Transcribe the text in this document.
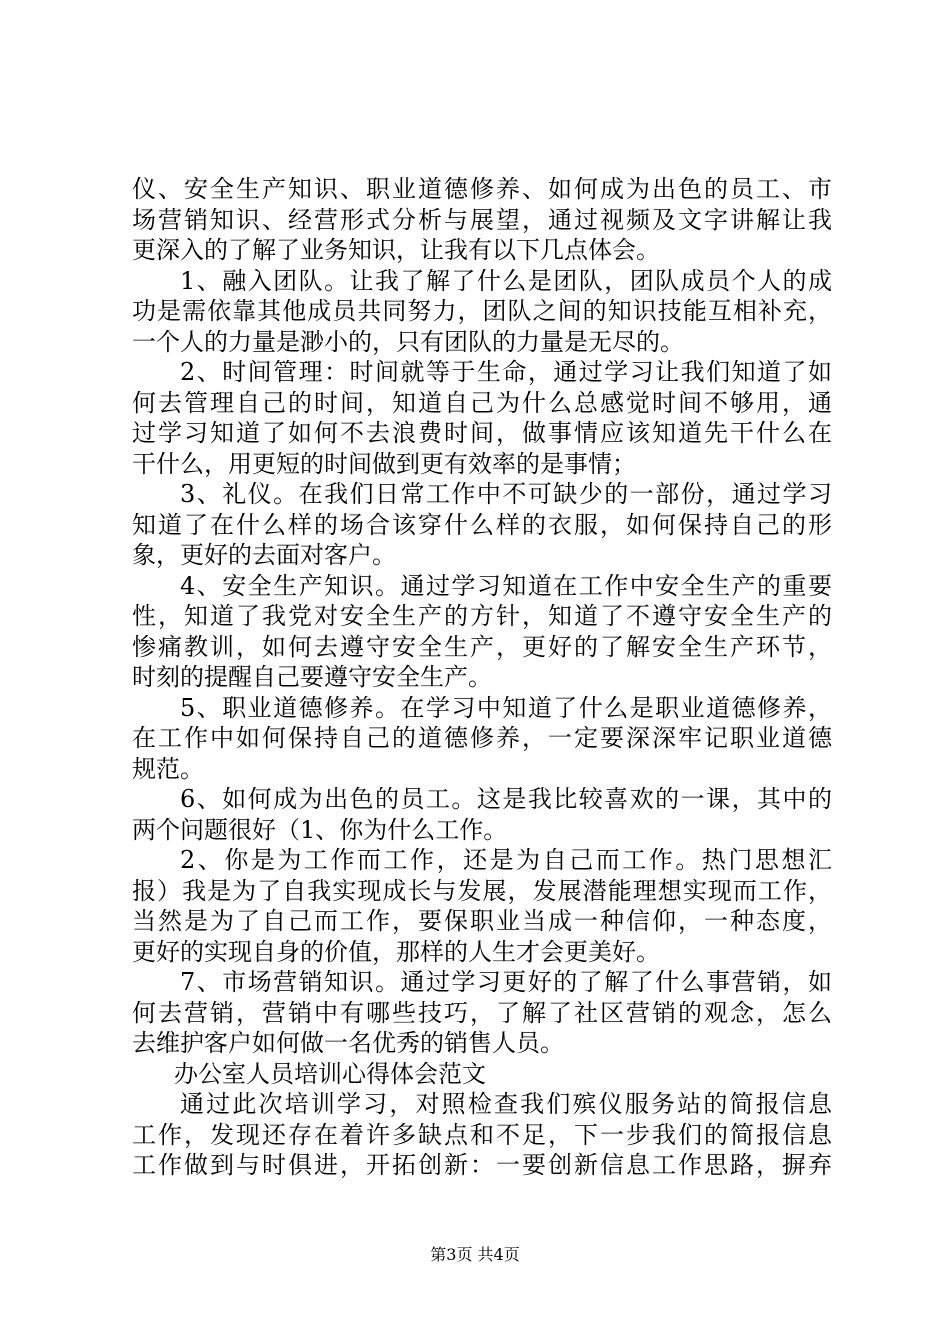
仪、安全生产知识、职业道德修养、如何成为出色的员工、市
场营销知识、经营形式分析与展望，通过视频及文字讲解让我
更深入的了解了业务知识，让我有以下几点体会。
1、融入团队。让我了解了什么是团队，团队成员个人的成
功是需依靠其他成员共同努力，团队之间的知识技能互相补充，
一个人的力量是渺小的，只有团队的力量是无尽的。
2、时间管理：时间就等于生命，通过学习让我们知道了如
何去管理自己的时间，知道自己为什么总感觉时间不够用，通
过学习知道了如何不去浪费时间，做事情应该知道先干什么在
干什么，用更短的时间做到更有效率的是事情；
3、礼仪。在我们日常工作中不可缺少的一部份，通过学习
知道了在什么样的场合该穿什么样的衣服，如何保持自己的形
象，更好的去面对客户。
4、安全生产知识。通过学习知道在工作中安全生产的重要
性，知道了我党对安全生产的方针，知道了不遵守安全生产的
惨痛教训，如何去遵守安全生产，更好的了解安全生产环节，
时刻的提醒自己要遵守安全生产。
5、职业道德修养。在学习中知道了什么是职业道德修养，
在工作中如何保持自己的道德修养，一定要深深牢记职业道德
规范。
6、如何成为出色的员工。这是我比较喜欢的一课，其中的
两个问题很好（1、你为什么工作。
2、你是为工作而工作，还是为自己而工作。热门思想汇
报）我是为了自我实现成长与发展，发展潜能理想实现而工作，
当然是为了自己而工作，要保职业当成一种信仰，一种态度，
更好的实现自身的价值，那样的人生才会更美好。
7、市场营销知识。通过学习更好的了解了什么事营销，如
何去营销，营销中有哪些技巧，了解了社区营销的观念，怎么
去维护客户如何做一名优秀的销售人员。
办公室人员培训心得体会范文
通过此次培训学习，对照检查我们殡仪服务站的简报信息
工作，发现还存在着许多缺点和不足，下一步我们的简报信息
工作做到与时俱进，开拓创新：一要创新信息工作思路，摒弃
第3页 共4页
